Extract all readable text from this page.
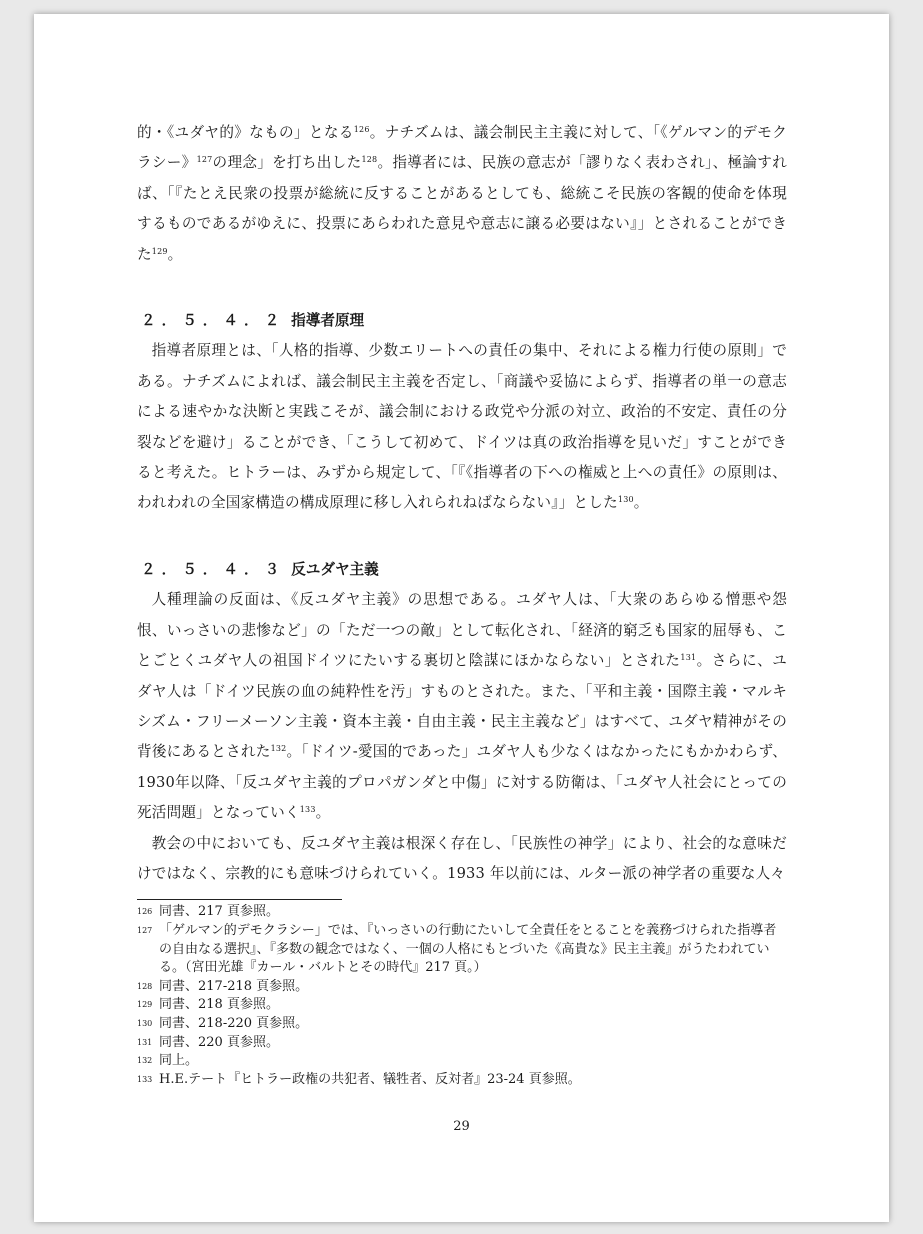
的・《ユダヤ的》なもの」となる$^{126}$。ナチズムは、議会制民主主義に対して、「《ゲルマン的デモクラシー》$^{127}$の理念」を打ち出した$^{128}$。指導者には、民族の意志が「謬りなく表わされ」、極論すれば、「『たとえ民衆の投票が総統に反することがあるとしても、総統こそ民族の客観的使命を体現するものであるがゆえに、投票にあらわれた意見や意志に譲る必要はない』」とされることができた$^{129}$。

２．５．４．２ 指導者原理

指導者原理とは、「人格的指導、少数エリートへの責任の集中、それによる権力行使の原則」である。ナチズムによれば、議会制民主主義を否定し、「商議や妥協によらず、指導者の単一の意志による速やかな決断と実践こそが、議会制における政党や分派の対立、政治的不安定、責任の分裂などを避け」ることができ、「こうして初めて、ドイツは真の政治指導を見いだ」すことができると考えた。ヒトラーは、みずから規定して、「『《指導者の下への権威と上への責任》の原則は、われわれの全国家構造の構成原理に移し入れられねばならない』」とした$^{130}$。

２．５．４．３ 反ユダヤ主義

人種理論の反面は、《反ユダヤ主義》の思想である。ユダヤ人は、「大衆のあらゆる憎悪や怨恨、いっさいの悲惨など」の「ただ一つの敵」として転化され、「経済的窮乏も国家的屈辱も、ことごとくユダヤ人の祖国ドイツにたいする裏切と陰謀にほかならない」とされた$^{131}$。さらに、ユダヤ人は「ドイツ民族の血の純粋性を汚」すものとされた。また、「平和主義・国際主義・マルキシズム・フリーメーソン主義・資本主義・自由主義・民主主義など」はすべて、ユダヤ精神がその背後にあるとされた$^{132}$。「ドイツ-愛国的であった」ユダヤ人も少なくはなかったにもかかわらず、1930年以降、「反ユダヤ主義的プロパガンダと中傷」に対する防衛は、「ユダヤ人社会にとっての死活問題」となっていく$^{133}$。

教会の中においても、反ユダヤ主義は根深く存在し、「民族性の神学」により、社会的な意味だけではなく、宗教的にも意味づけられていく。1933 年以前には、ルター派の神学者の重要な人々

126 同書、217 頁参照。
127 「ゲルマン的デモクラシー」では、『いっさいの行動にたいして全責任をとることを義務づけられた指導者の自由なる選択』、『多数の観念ではなく、一個の人格にもとづいた《高貴な》民主主義』がうたわれている。（宮田光雄『カール・バルトとその時代』217 頁。）
128 同書、217-218 頁参照。
129 同書、218 頁参照。
130 同書、218-220 頁参照。
131 同書、220 頁参照。
132 同上。
133 H.E.テート『ヒトラー政権の共犯者、犠牲者、反対者』23-24 頁参照。
29
